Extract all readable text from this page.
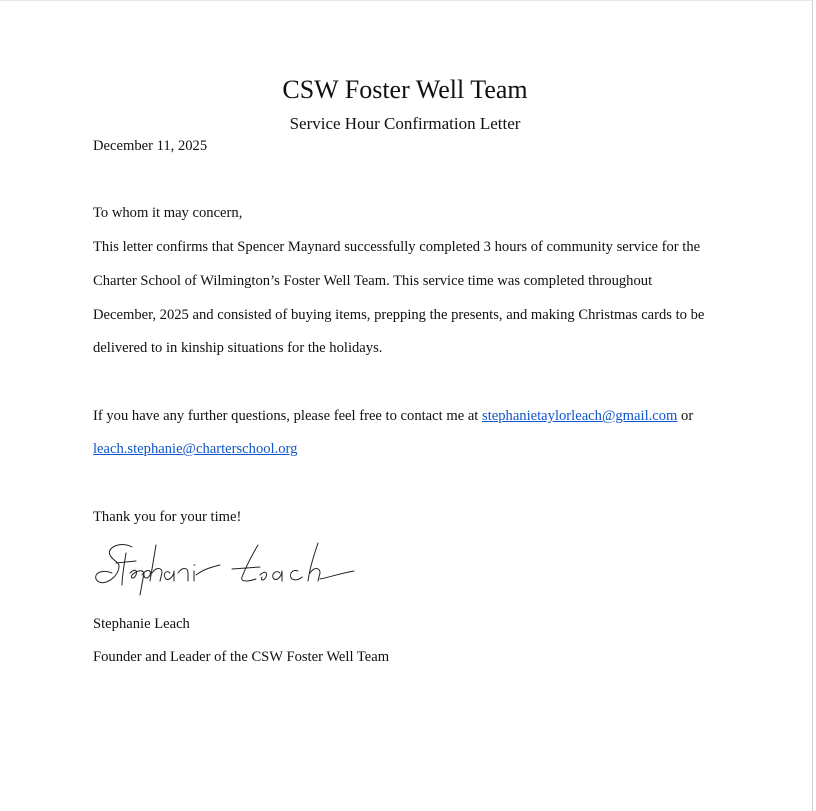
CSW Foster Well Team
Service Hour Confirmation Letter
December 11, 2025
To whom it may concern,
This letter confirms that Spencer Maynard successfully completed 3 hours of community service for the
Charter School of Wilmington’s Foster Well Team. This service time was completed throughout
December, 2025 and consisted of buying items, prepping the presents, and making Christmas cards to be
delivered to in kinship situations for the holidays.
If you have any further questions, please feel free to contact me at stephanietaylorleach@gmail.com or
leach.stephanie@charterschool.org
Thank you for your time!
Stephanie Leach
Founder and Leader of the CSW Foster Well Team
